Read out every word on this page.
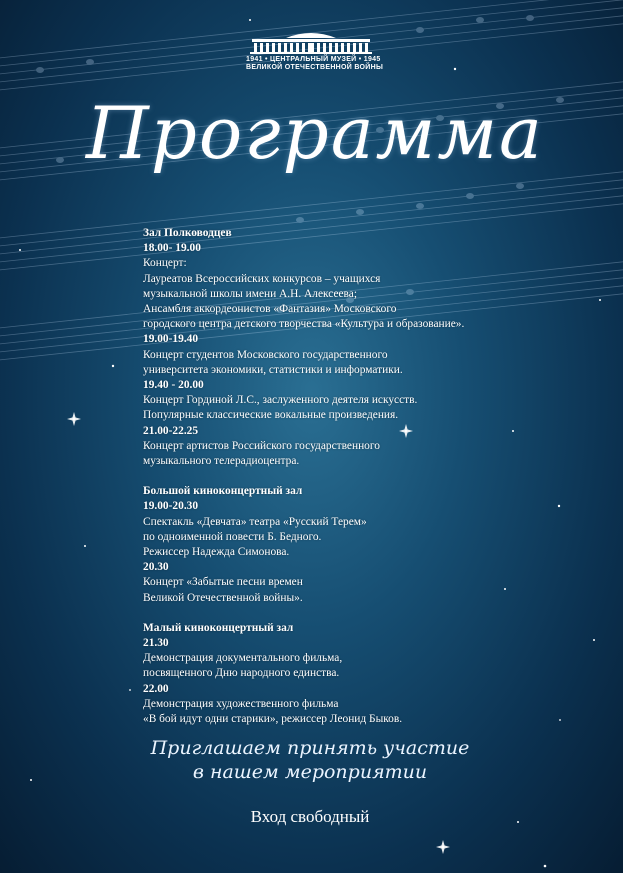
1941 • ЦЕНТРАЛЬНЫЙ МУЗЕЙ • 1945
ВЕЛИКОЙ ОТЕЧЕСТВЕННОЙ ВОЙНЫ
Программа
Зал Полководцев
18.00- 19.00
Концерт:
Лауреатов Всероссийских конкурсов – учащихся
музыкальной школы имени А.Н. Алексеева;
Ансамбля аккордеонистов «Фантазия» Московского
городского центра детского творчества «Культура и образование».
19.00-19.40
Концерт студентов Московского государственного
университета экономики, статистики и информатики.
19.40 - 20.00
Концерт Гординой Л.С., заслуженного деятеля искусств.
Популярные классические вокальные произведения.
21.00-22.25
Концерт артистов Российского государственного
музыкального телерадиоцентра.
Большой киноконцертный зал
19.00-20.30
Спектакль «Девчата» театра «Русский Терем»
по одноименной повести Б. Бедного.
Режиссер Надежда Симонова.
20.30
Концерт «Забытые песни времен
Великой Отечественной войны».
Малый киноконцертный зал
21.30
Демонстрация документального фильма,
посвященного Дню народного единства.
22.00
Демонстрация художественного фильма
«В бой идут одни старики», режиссер Леонид Быков.
Приглашаем принять участие
в нашем мероприятии
Вход свободный
